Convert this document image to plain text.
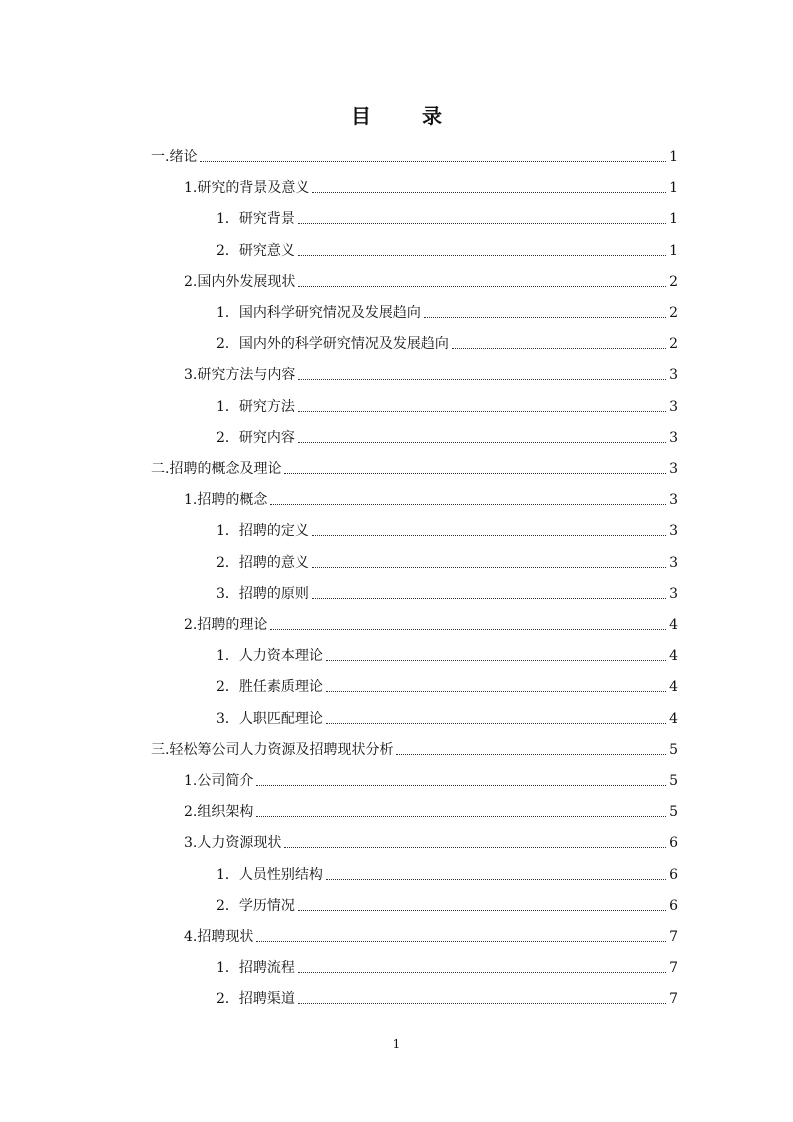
目 录
一.绪论	1
1.研究的背景及意义	1
1．研究背景	1
2．研究意义	1
2.国内外发展现状	2
1．国内科学研究情况及发展趋向	2
2．国内外的科学研究情况及发展趋向	2
3.研究方法与内容	3
1．研究方法	3
2．研究内容	3
二.招聘的概念及理论	3
1.招聘的概念	3
1．招聘的定义	3
2．招聘的意义	3
3．招聘的原则	3
2.招聘的理论	4
1．人力资本理论	4
2．胜任素质理论	4
3．人职匹配理论	4
三.轻松筹公司人力资源及招聘现状分析	5
1.公司简介	5
2.组织架构	5
3.人力资源现状	6
1．人员性别结构	6
2．学历情况	6
4.招聘现状	7
1．招聘流程	7
2．招聘渠道	7
1
